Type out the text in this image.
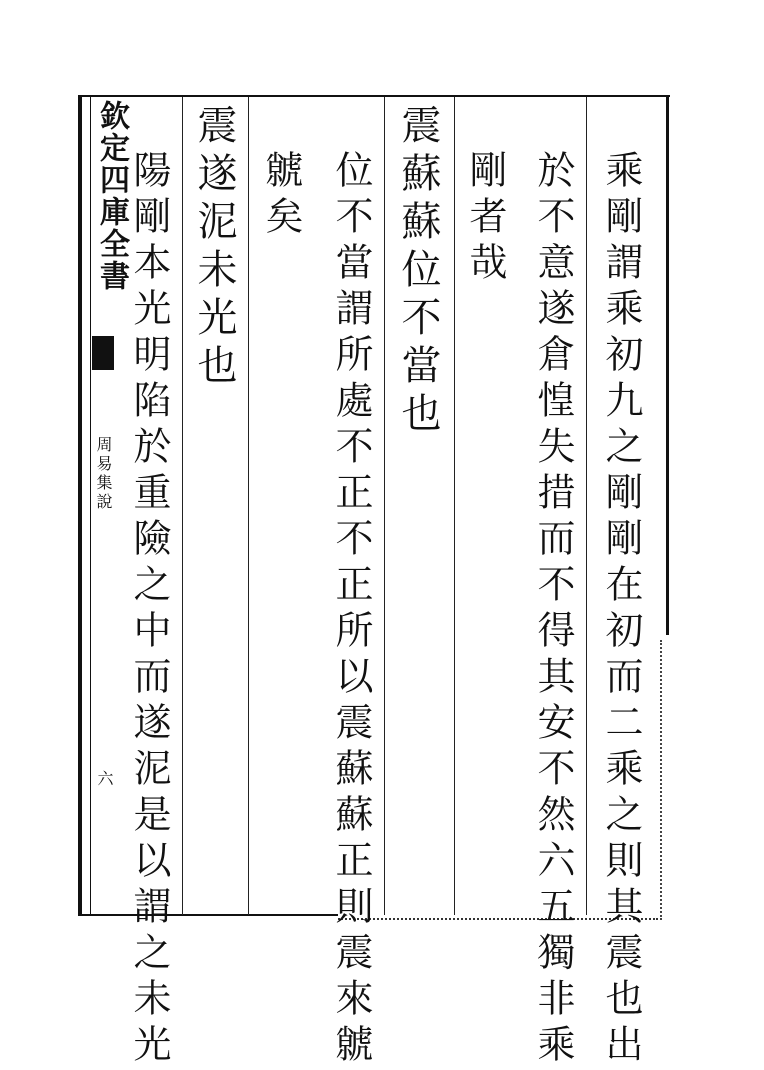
欽定四庫全書
周易集說
六	乘剛謂乘初九之剛剛在初而二乘之則其震也出

於不意遂倉惶失措而不得其安不然六五獨非乘

剛者哉

震蘇蘇位不當也

位不當謂所處不正不正所以震蘇蘇正則震來虩

虩矣

震遂泥未光也

陽剛本光明陷於重險之中而遂泥是以謂之未光
